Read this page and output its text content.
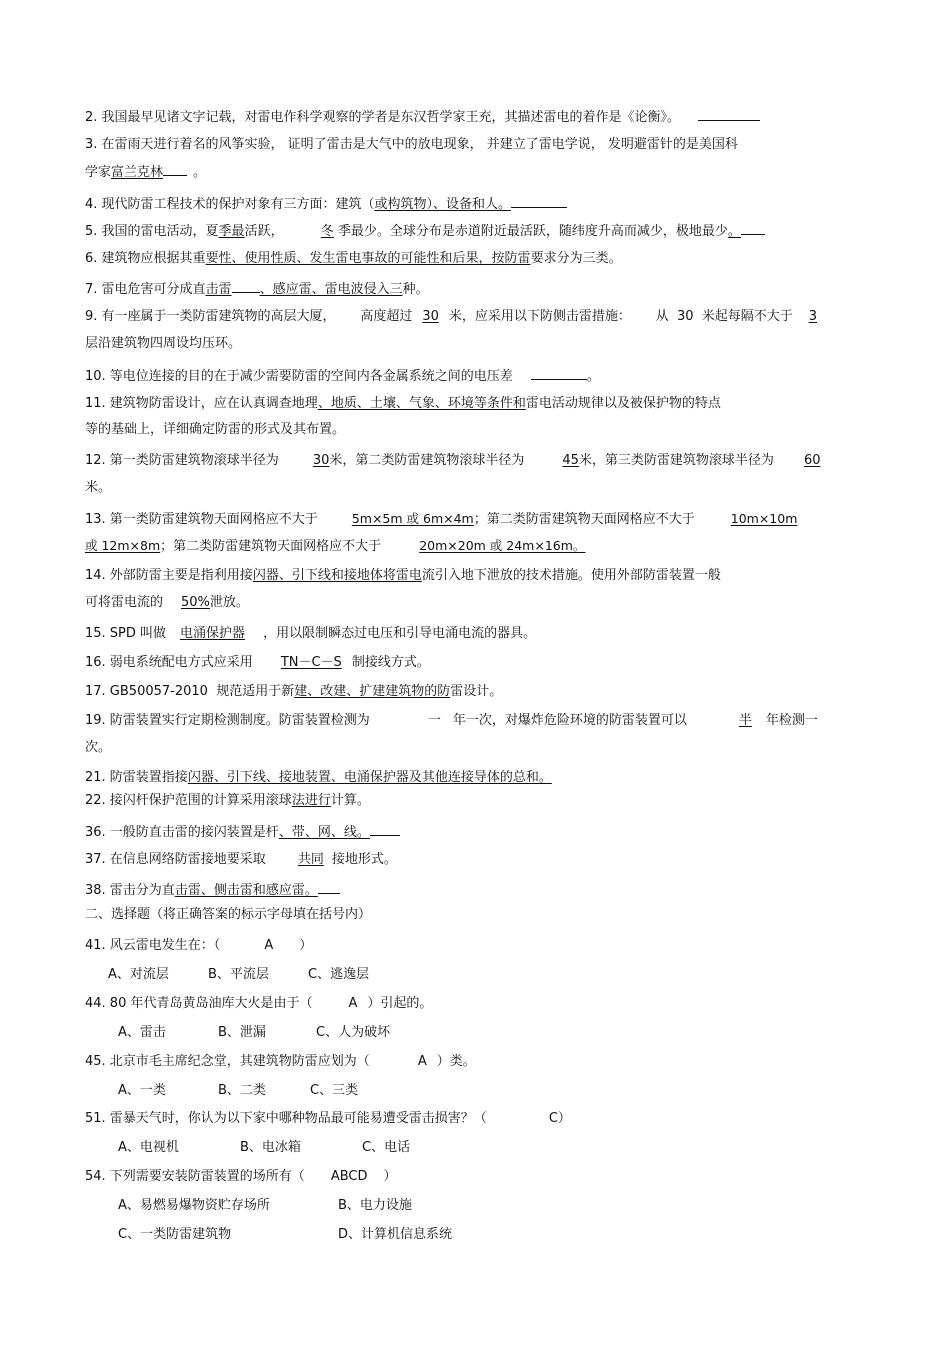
2. 我国最早见诸文字记载，对雷电作科学观察的学者是东汉哲学家王充，其描述雷电的着作是《论衡》。
3. 在雷雨天进行着名的风筝实验， 证明了雷击是大气中的放电现象， 并建立了雷电学说， 发明避雷针的是美国科
学家富兰克林 。
4. 现代防雷工程技术的保护对象有三方面：建筑（或构筑物）、设备和人。
5. 我国的雷电活动，夏季最活跃，         冬 季最少。全球分布是赤道附近最活跃，随纬度升高而减少，极地最少。
6. 建筑物应根据其重要性、使用性质、发生雷电事故的可能性和后果，按防雷要求分为三类。
7. 雷电危害可分成直击雷 、感应雷、雷电波侵入三种。
9. 有一座属于一类防雷建筑物的高层大厦，      高度超过 30 米，应采用以下防侧击雷措施：      从  30  米起每隔不大于 3
层沿建筑物四周设均压环。
10. 等电位连接的目的在于减少需要防雷的空间内各金属系统之间的电压差	。
11. 建筑物防雷设计，应在认真调查地理、地质、土壤、气象、环境等条件和雷电活动规律以及被保护物的特点
等的基础上，详细确定防雷的形式及其布置。
12. 第一类防雷建筑物滚球半径为	30米，第二类防雷建筑物滚球半径为	45米，第三类防雷建筑物滚球半径为 60
米。
13. 第一类防雷建筑物天面网格应不大于	5m×5m 或 6m×4m；第二类防雷建筑物天面网格应不大于	10m×10m
或 12m×8m；第二类防雷建筑物天面网格应不大于	20m×20m 或 24m×16m。
14. 外部防雷主要是指利用接闪器、引下线和接地体将雷电流引入地下泄放的技术措施。使用外部防雷装置一般
可将雷电流的 50%泄放。
15. SPD 叫做 电涌保护器 ，用以限制瞬态过电压和引导电涌电流的器具。
16. 弱电系统配电方式应采用 TN－C－S 制接线方式。
17. GB50057-2010  规范适用于新建、改建、扩建建筑物的防雷设计。
19. 防雷装置实行定期检测制度。防雷装置检测为	一 年一次，对爆炸危险环境的防雷装置可以	半 年检测一
次。
21. 防雷装置指接闪器、引下线、接地装置、电涌保护器及其他连接导体的总和。
22. 接闪杆保护范围的计算采用滚球法进行计算。
36. 一般防直击雷的接闪装置是杆、带、网、线。
37. 在信息网络防雷接地要采取 共同 接地形式。
38. 雷击分为直击雷、侧击雷和感应雷。
二、选择题（将正确答案的标示字母填在括号内）
41. 风云雷电发生在：（	A ）
A、对流层	B、平流层	C、逃逸层
44. 80 年代青岛黄岛油库大火是由于（	A ）引起的。
A、雷击	B、泄漏	C、人为破坏
45. 北京市毛主席纪念堂，其建筑物防雷应划为（	A ）类。
A、一类	B、二类	C、三类
51. 雷暴天气时，你认为以下家中哪种物品最可能易遭受雷击损害？（	C）
A、电视机	B、电冰箱	C、电话
54. 下列需要安装防雷装置的场所有（ ABCD ）
A、易燃易爆物资贮存场所	B、电力设施
C、一类防雷建筑物	D、计算机信息系统
